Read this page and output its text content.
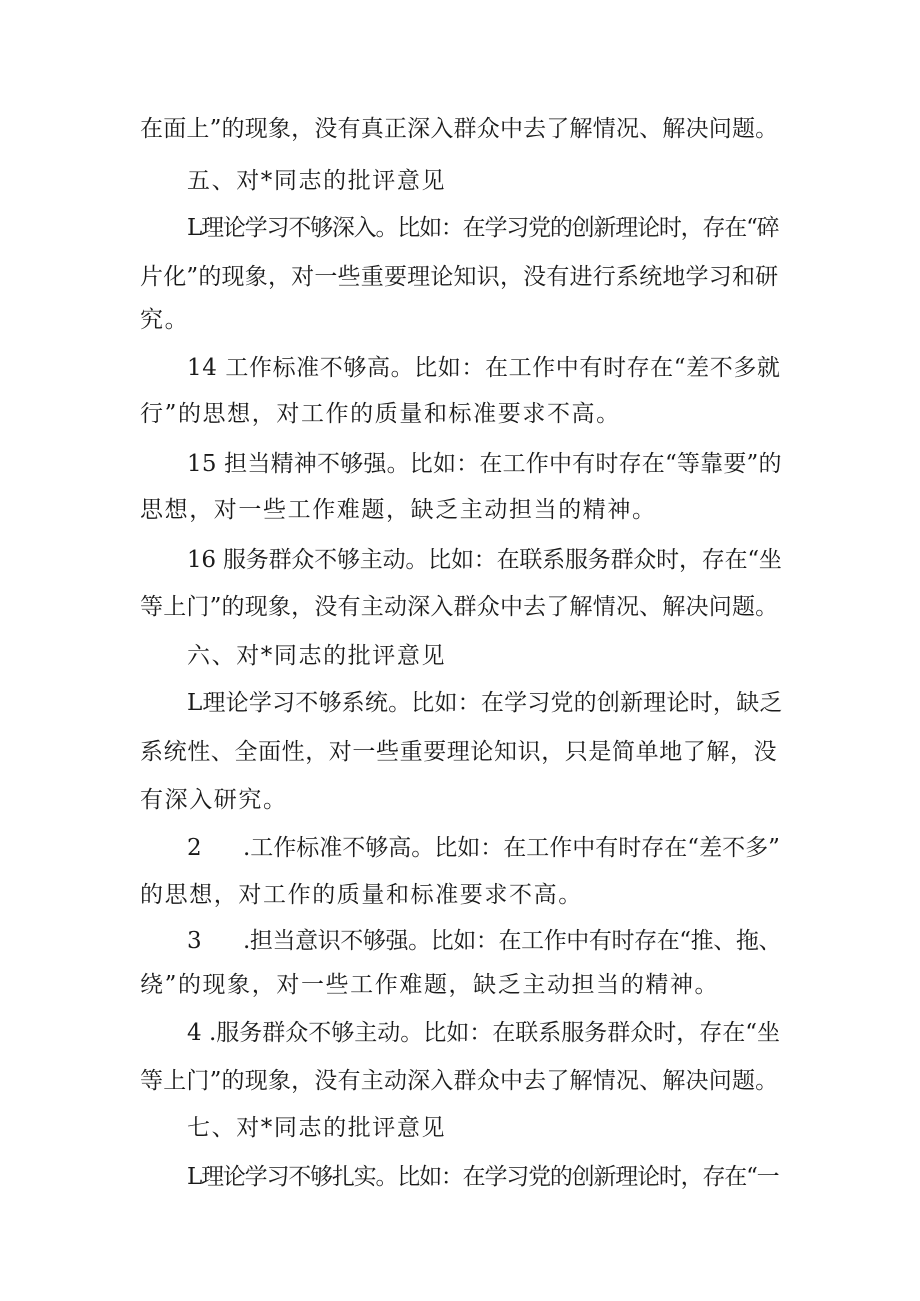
在面上”的现象，没有真正深入群众中去了解情况、解决问题。
五、对*同志的批评意见
L理论学习不够深入。比如：在学习党的创新理论时，存在“碎
片化”的现象，对一些重要理论知识，没有进行系统地学习和研
究。
14 工作标准不够高。比如：在工作中有时存在“差不多就
行”的思想，对工作的质量和标准要求不高。
15 担当精神不够强。比如：在工作中有时存在“等靠要”的
思想，对一些工作难题，缺乏主动担当的精神。
16 服务群众不够主动。比如：在联系服务群众时，存在“坐
等上门”的现象，没有主动深入群众中去了解情况、解决问题。
六、对*同志的批评意见
L理论学习不够系统。比如：在学习党的创新理论时，缺乏
系统性、全面性，对一些重要理论知识，只是简单地了解，没
有深入研究。
2 .工作标准不够高。比如：在工作中有时存在“差不多”
的思想，对工作的质量和标准要求不高。
3 .担当意识不够强。比如：在工作中有时存在“推、拖、
绕”的现象，对一些工作难题，缺乏主动担当的精神。
4 .服务群众不够主动。比如：在联系服务群众时，存在“坐
等上门”的现象，没有主动深入群众中去了解情况、解决问题。
七、对*同志的批评意见
L理论学习不够扎实。比如：在学习党的创新理论时，存在“一
